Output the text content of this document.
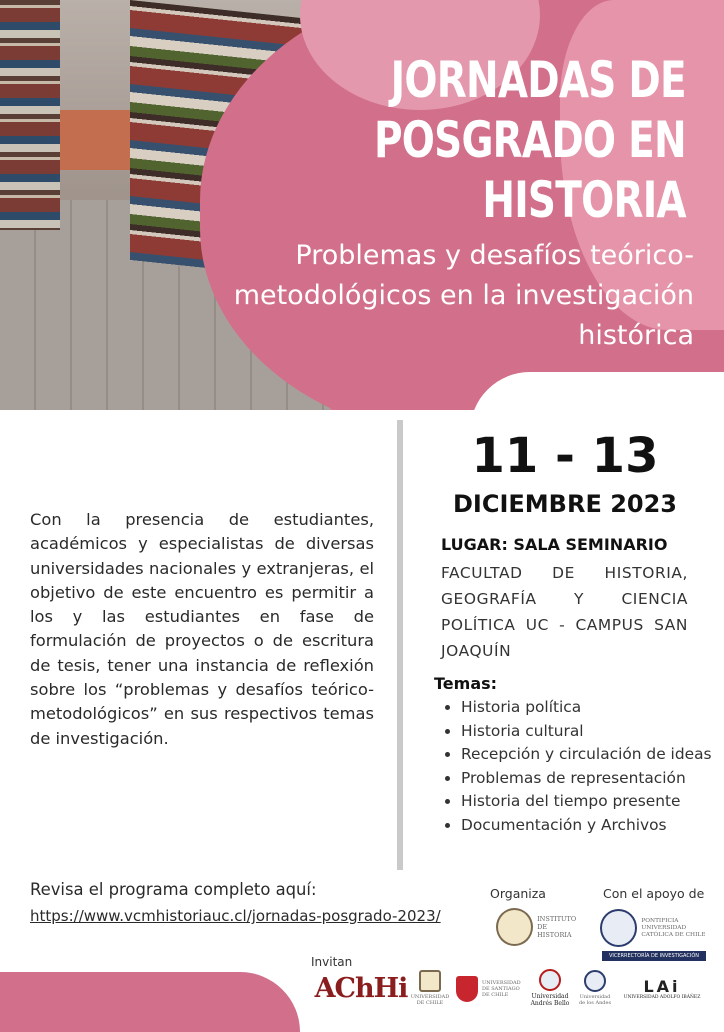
JORNADAS DE
POSGRADO EN
HISTORIA
Problemas y desafíos teórico-
metodológicos en la investigación
histórica

Con la presencia de estudiantes, académicos y especialistas de diversas universidades nacionales y extranjeras, el objetivo de este encuentro es permitir a los y las estudiantes en fase de formulación de proyectos o de escritura de tesis, tener una instancia de reflexión sobre los “problemas y desafíos teórico-metodológicos” en sus respectivos temas de investigación.

11 - 13
DICIEMBRE 2023
LUGAR: SALA SEMINARIO

FACULTAD DE HISTORIA, GEOGRAFÍA Y CIENCIA POLÍTICA UC - CAMPUS SAN JOAQUÍN

Temas:
• Historia política
• Historia cultural
• Recepción y circulación de ideas
• Problemas de representación
• Historia del tiempo presente
• Documentación y Archivos
Revisa el programa completo aquí:
https://www.vcmhistoriauc.cl/jornadas-posgrado-2023/
Organiza
INSTITUTO DE HISTORIA
Con el apoyo de
PONTIFICIA UNIVERSIDAD CATÓLICA DE CHILE
VICERRECTORÍA DE INVESTIGACIÓN
Invitan
AChHi UNIVERSIDAD DE CHILE
UNIVERSIDAD DE SANTIAGO DE CHILE	Universidad Andrés Bello
Universidad de los Andes
LAi
UNIVERSIDAD ADOLFO IBÁÑEZ
